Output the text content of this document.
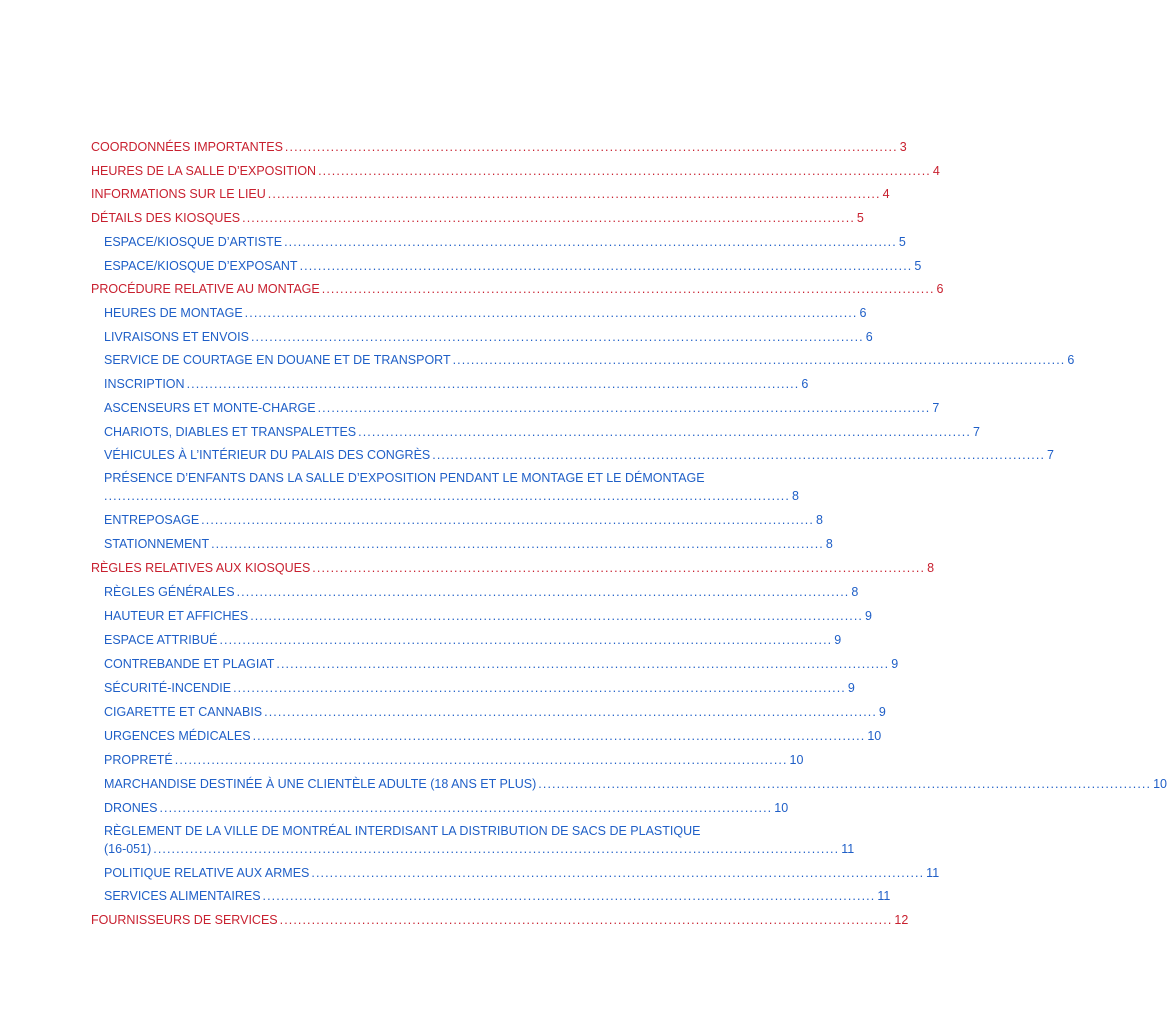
COORDONNÉES IMPORTANTES ...................................................................................................................................... 3
HEURES DE LA SALLE D’EXPOSITION ...................................................................................................................................... 4
INFORMATIONS SUR LE LIEU ...................................................................................................................................... 4
DÉTAILS DES KIOSQUES ...................................................................................................................................... 5
ESPACE/KIOSQUE D’ARTISTE ...................................................................................................................................... 5
ESPACE/KIOSQUE D’EXPOSANT ...................................................................................................................................... 5
PROCÉDURE RELATIVE AU MONTAGE ...................................................................................................................................... 6
HEURES DE MONTAGE ...................................................................................................................................... 6
LIVRAISONS ET ENVOIS ...................................................................................................................................... 6
SERVICE DE COURTAGE EN DOUANE ET DE TRANSPORT ...................................................................................................................................... 6
INSCRIPTION ...................................................................................................................................... 6
ASCENSEURS ET MONTE-CHARGE ...................................................................................................................................... 7
CHARIOTS, DIABLES ET TRANSPALETTES ...................................................................................................................................... 7
VÉHICULES À L’INTÉRIEUR DU PALAIS DES CONGRÈS ...................................................................................................................................... 7
PRÉSENCE D’ENFANTS DANS LA SALLE D’EXPOSITION PENDANT LE MONTAGE ET LE DÉMONTAGE
...................................................................................................................................................... 8
ENTREPOSAGE ...................................................................................................................................... 8
STATIONNEMENT ...................................................................................................................................... 8
RÈGLES RELATIVES AUX KIOSQUES ...................................................................................................................................... 8
RÈGLES GÉNÉRALES ...................................................................................................................................... 8
HAUTEUR ET AFFICHES ...................................................................................................................................... 9
ESPACE ATTRIBUÉ ...................................................................................................................................... 9
CONTREBANDE ET PLAGIAT ...................................................................................................................................... 9
SÉCURITÉ-INCENDIE ...................................................................................................................................... 9
CIGARETTE ET CANNABIS ...................................................................................................................................... 9
URGENCES MÉDICALES ...................................................................................................................................... 10
PROPRETÉ ...................................................................................................................................... 10
MARCHANDISE DESTINÉE À UNE CLIENTÈLE ADULTE (18 ANS ET PLUS) ...................................................................................................................................... 10
DRONES ...................................................................................................................................... 10
RÈGLEMENT DE LA VILLE DE MONTRÉAL INTERDISANT LA DISTRIBUTION DE SACS DE PLASTIQUE
(16-051) ...................................................................................................................................................... 11
POLITIQUE RELATIVE AUX ARMES ...................................................................................................................................... 11
SERVICES ALIMENTAIRES ...................................................................................................................................... 11
FOURNISSEURS DE SERVICES ...................................................................................................................................... 12
